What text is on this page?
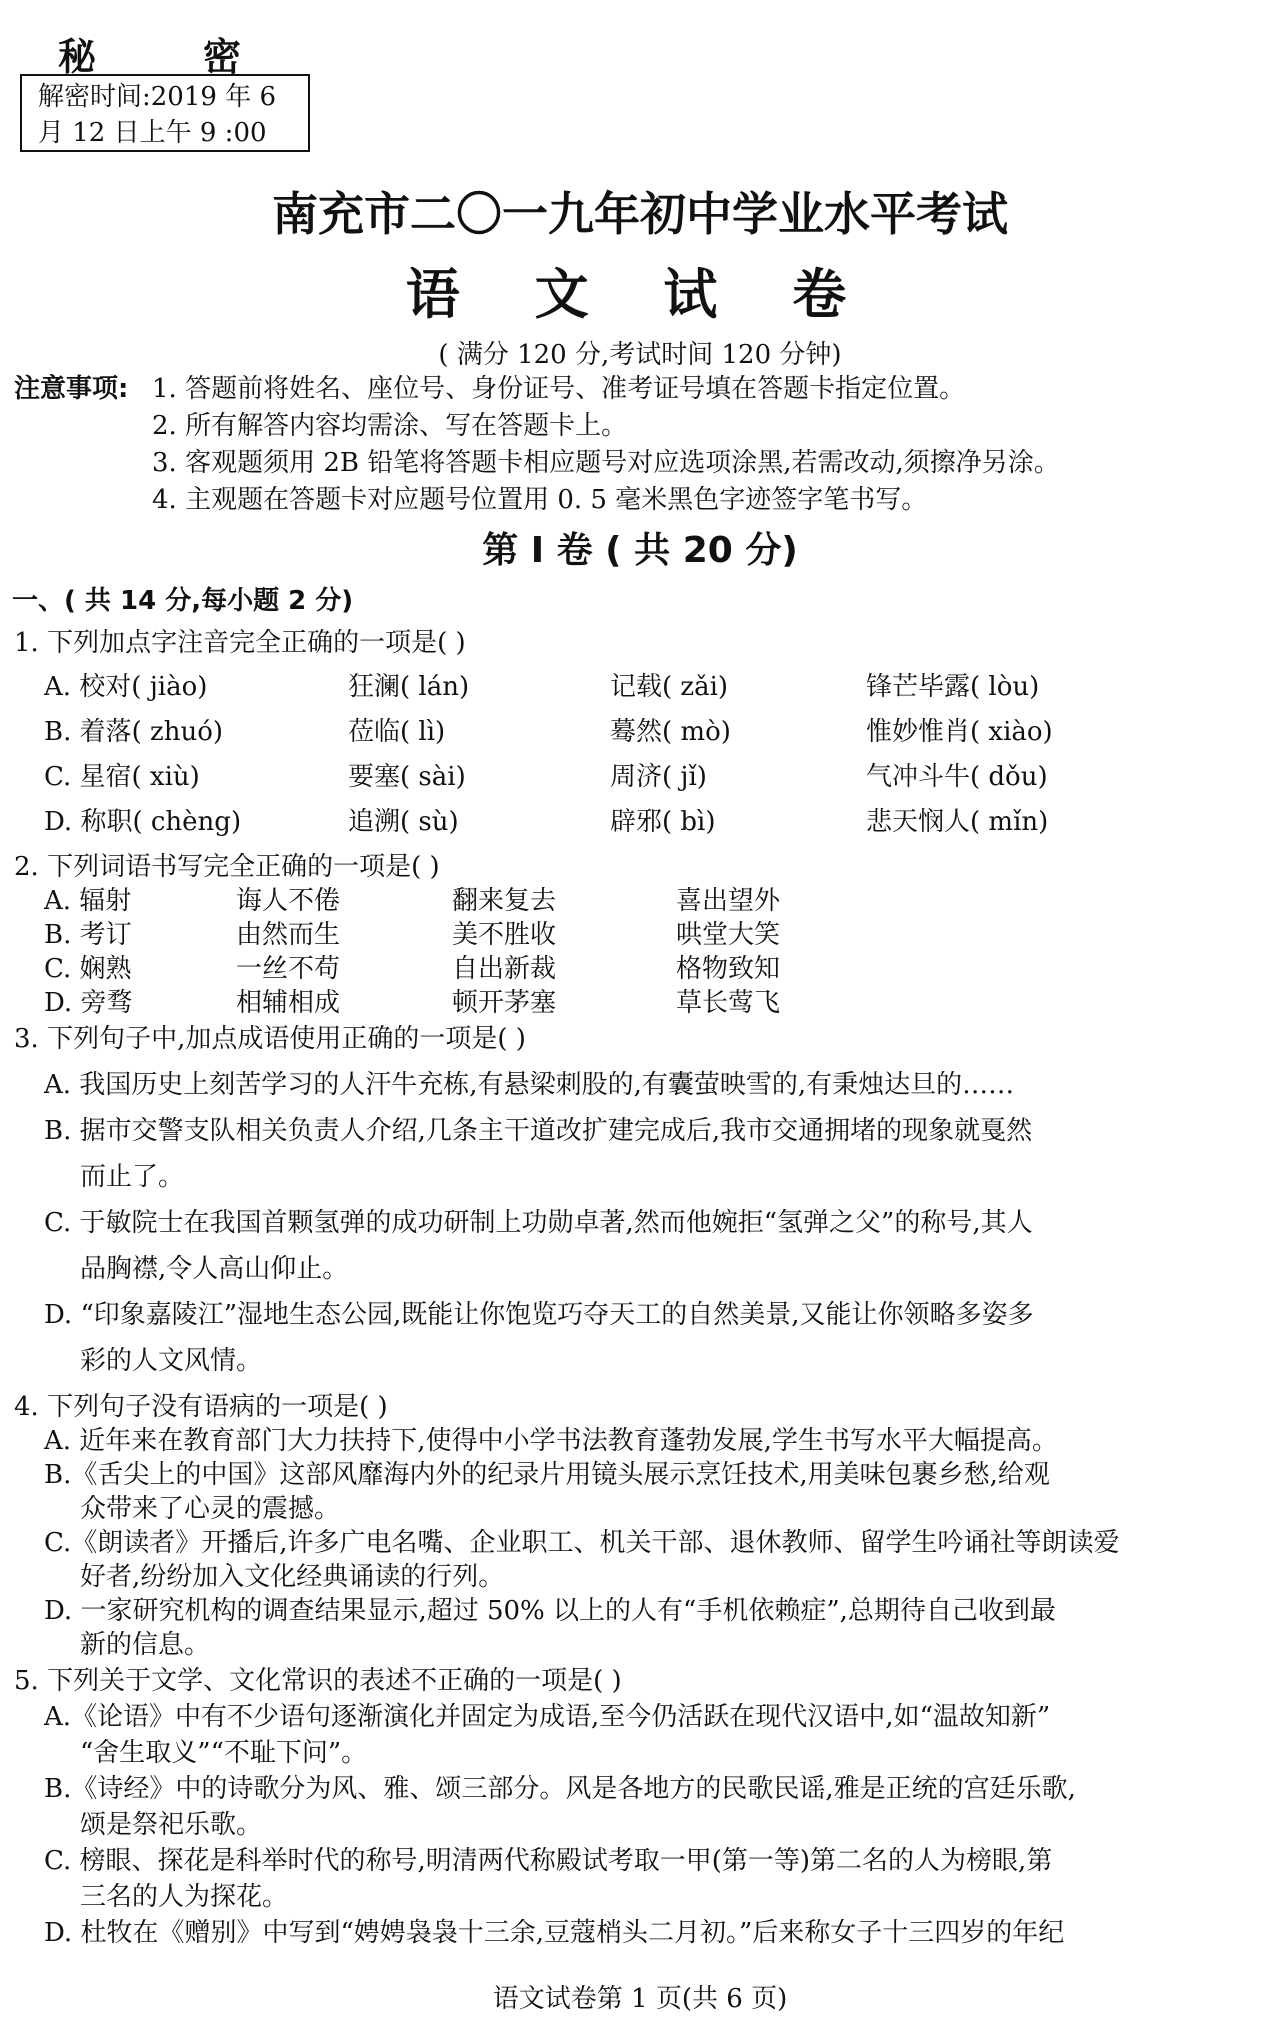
秘	密
解密时间:2019 年 6
月 12 日上午 9 :00
南充市二〇一九年初中学业水平考试
语 文 试 卷
( 满分 120 分,考试时间 120 分钟)
注意事项: 1. 答题前将姓名、座位号、身份证号、准考证号填在答题卡指定位置。
2. 所有解答内容均需涂、写在答题卡上。
3. 客观题须用 2B 铅笔将答题卡相应题号对应选项涂黑,若需改动,须擦净另涂。
4. 主观题在答题卡对应题号位置用 0. 5 毫米黑色字迹签字笔书写。
第 Ⅰ 卷 ( 共 20 分)
一、( 共 14 分,每小题 2 分)
1. 下列加点字注音完全正确的一项是( )
A. 校对( jiào)	狂澜( lán)	记载( zǎi)	锋芒毕露( lòu)
B. 着落( zhuó)	莅临( lì)	蓦然( mò)	惟妙惟肖( xiào)
C. 星宿( xiù)	要塞( sài)	周济( jǐ)	气冲斗牛( dǒu)
D. 称职( chèng)	追溯( sù)	辟邪( bì)	悲天悯人( mǐn)
2. 下列词语书写完全正确的一项是( )
A. 辐射	诲人不倦	翻来复去	喜出望外
B. 考订	由然而生	美不胜收	哄堂大笑
C. 娴熟	一丝不苟	自出新裁	格物致知
D. 旁骛	相辅相成	顿开茅塞	草长莺飞
3. 下列句子中,加点成语使用正确的一项是( )
A. 我国历史上刻苦学习的人汗牛充栋,有悬梁刺股的,有囊萤映雪的,有秉烛达旦的……
B. 据市交警支队相关负责人介绍,几条主干道改扩建完成后,我市交通拥堵的现象就戛然
而止了。
C. 于敏院士在我国首颗氢弹的成功研制上功勋卓著,然而他婉拒“氢弹之父”的称号,其人
品胸襟,令人高山仰止。
D. “印象嘉陵江”湿地生态公园,既能让你饱览巧夺天工的自然美景,又能让你领略多姿多
彩的人文风情。
4. 下列句子没有语病的一项是( )
A. 近年来在教育部门大力扶持下,使得中小学书法教育蓬勃发展,学生书写水平大幅提高。
B.《舌尖上的中国》这部风靡海内外的纪录片用镜头展示烹饪技术,用美味包裹乡愁,给观
众带来了心灵的震撼。
C.《朗读者》开播后,许多广电名嘴、企业职工、机关干部、退休教师、留学生吟诵社等朗读爱
好者,纷纷加入文化经典诵读的行列。
D. 一家研究机构的调查结果显示,超过 50% 以上的人有“手机依赖症”,总期待自己收到最
新的信息。
5. 下列关于文学、文化常识的表述不正确的一项是( )
A.《论语》中有不少语句逐渐演化并固定为成语,至今仍活跃在现代汉语中,如“温故知新”
“舍生取义”“不耻下问”。
B.《诗经》中的诗歌分为风、雅、颂三部分。风是各地方的民歌民谣,雅是正统的宫廷乐歌,
颂是祭祀乐歌。
C. 榜眼、探花是科举时代的称号,明清两代称殿试考取一甲(第一等)第二名的人为榜眼,第
三名的人为探花。
D. 杜牧在《赠别》中写到“娉娉袅袅十三余,豆蔻梢头二月初。”后来称女子十三四岁的年纪
语文试卷第 1 页(共 6 页)
